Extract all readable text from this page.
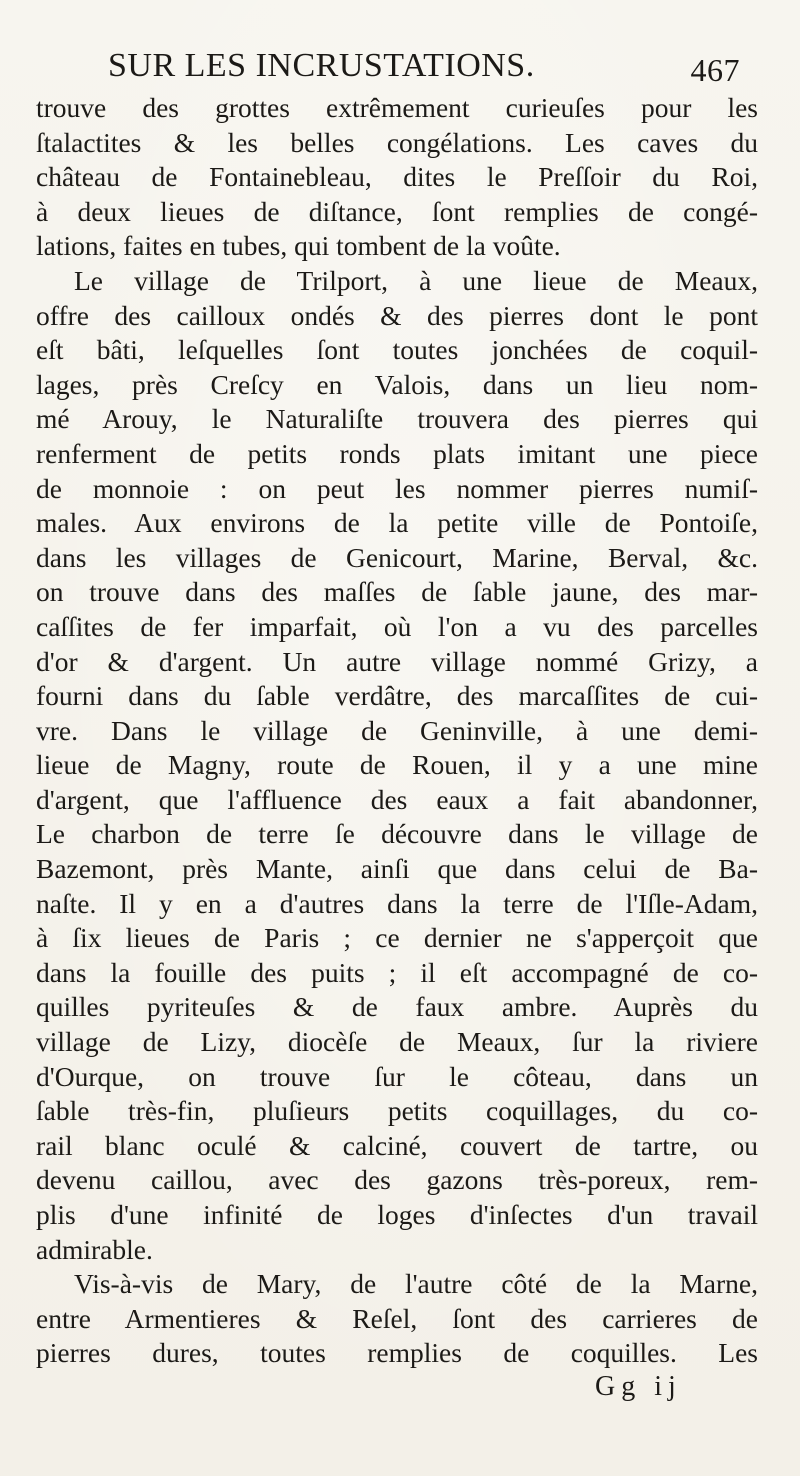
SUR LES INCRUSTATIONS.	467
trouve des grottes extrêmement curieuſes pour les
ſtalactites & les belles congélations. Les caves du
château de Fontainebleau, dites le Preſſoir du Roi,
à deux lieues de diſtance, ſont remplies de congé-
lations, faites en tubes, qui tombent de la voûte.
Le village de Trilport, à une lieue de Meaux,
offre des cailloux ondés & des pierres dont le pont
eſt bâti, leſquelles ſont toutes jonchées de coquil-
lages, près Creſcy en Valois, dans un lieu nom-
mé Arouy, le Naturaliſte trouvera des pierres qui
renferment de petits ronds plats imitant une piece
de monnoie : on peut les nommer pierres numiſ-
males. Aux environs de la petite ville de Pontoiſe,
dans les villages de Genicourt, Marine, Berval, &c.
on trouve dans des maſſes de ſable jaune, des mar-
caſſites de fer imparfait, où l'on a vu des parcelles
d'or & d'argent. Un autre village nommé Grizy, a
fourni dans du ſable verdâtre, des marcaſſites de cui-
vre. Dans le village de Geninville, à une demi-
lieue de Magny, route de Rouen, il y a une mine
d'argent, que l'affluence des eaux a fait abandonner,
Le charbon de terre ſe découvre dans le village de
Bazemont, près Mante, ainſi que dans celui de Ba-
naſte. Il y en a d'autres dans la terre de l'Iſle-Adam,
à ſix lieues de Paris ; ce dernier ne s'apperçoit que
dans la fouille des puits ; il eſt accompagné de co-
quilles pyriteuſes & de faux ambre. Auprès du
village de Lizy, diocèſe de Meaux, ſur la riviere
d'Ourque, on trouve ſur le côteau, dans un
ſable très-fin, pluſieurs petits coquillages, du co-
rail blanc oculé & calciné, couvert de tartre, ou
devenu caillou, avec des gazons très-poreux, rem-
plis d'une infinité de loges d'inſectes d'un travail
admirable.
Vis-à-vis de Mary, de l'autre côté de la Marne,
entre Armentieres & Reſel, ſont des carrieres de
pierres dures, toutes remplies de coquilles. Les
Gg ij
